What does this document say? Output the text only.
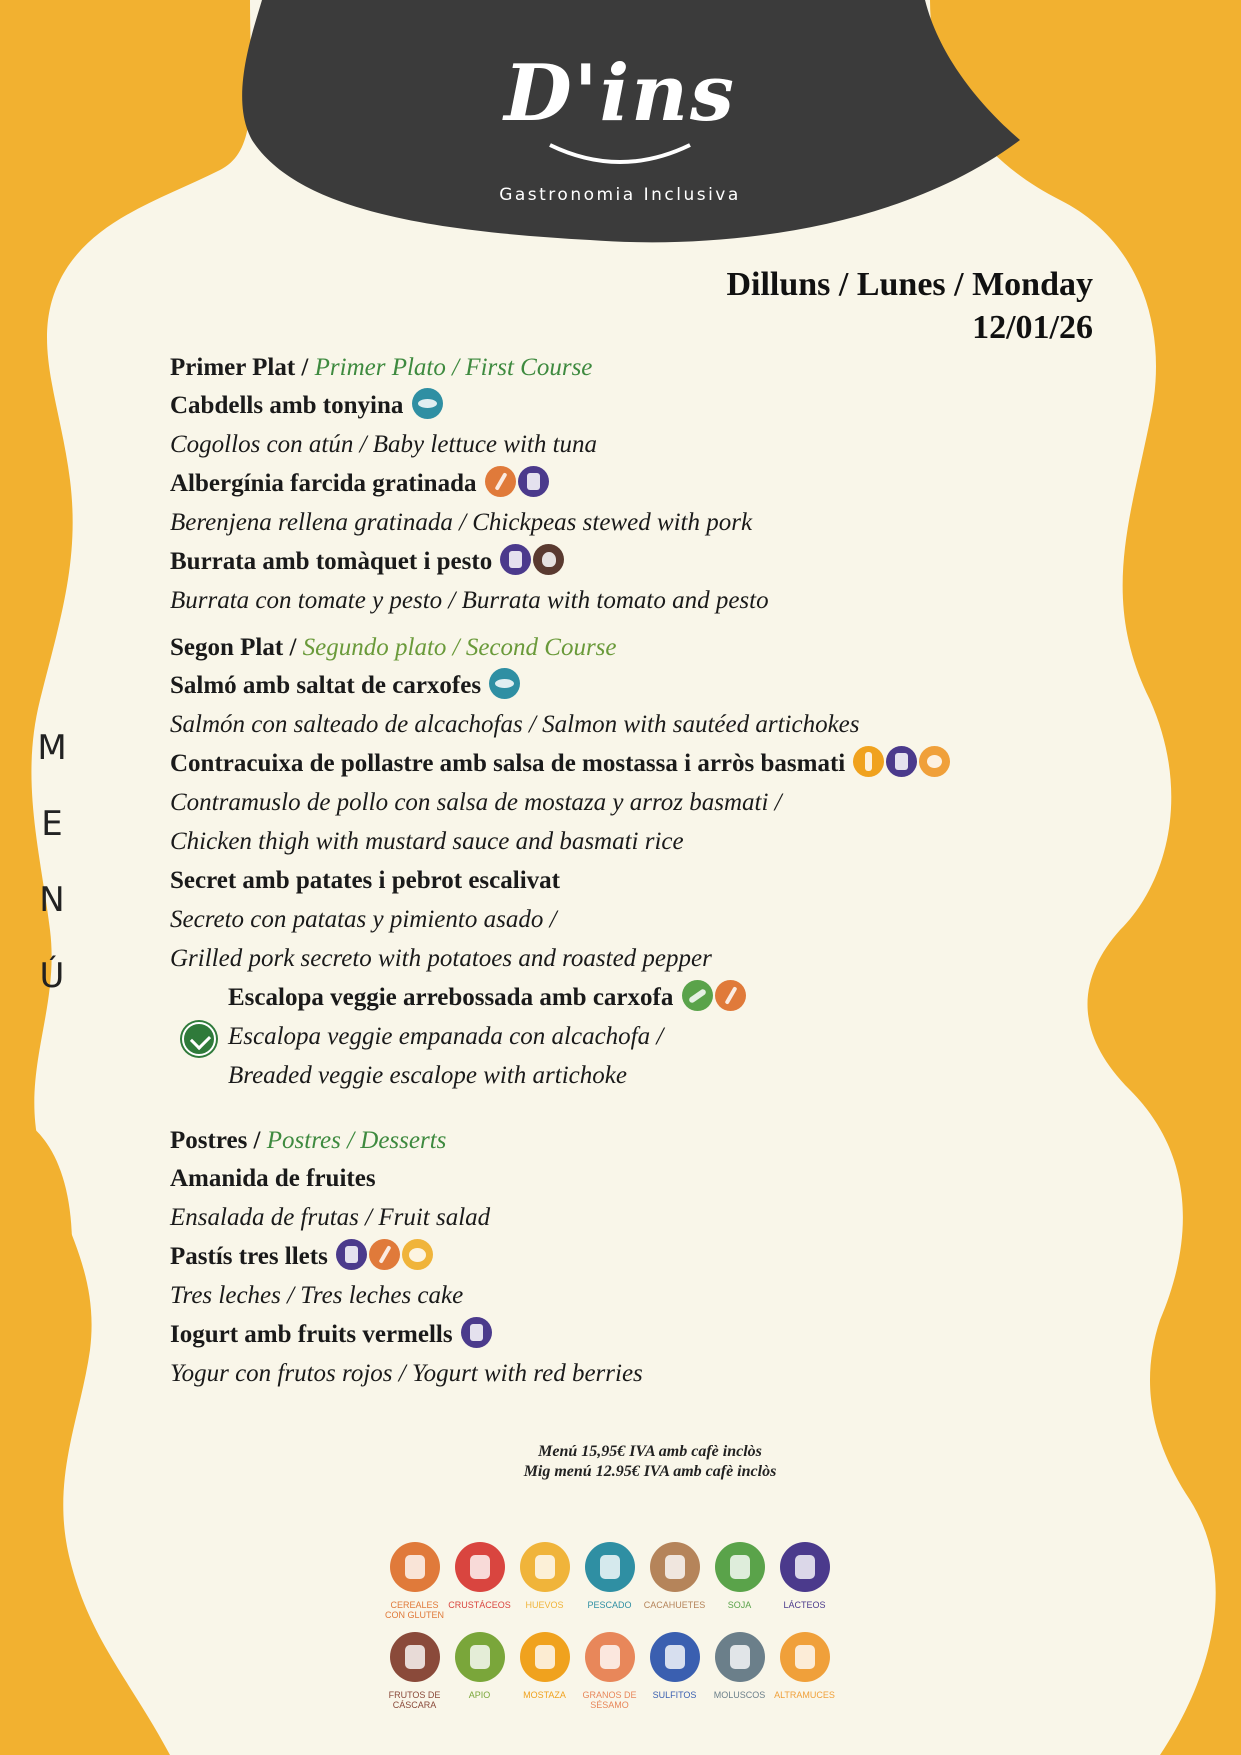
D'ins
Gastronomia Inclusiva
M
E
N
Ú
Dilluns / Lunes / Monday
12/01/26
Primer Plat / Primer Plato / First Course
Cabdells amb tonyina
Cogollos con atún / Baby lettuce with tuna
Albergínia farcida gratinada
Berenjena rellena gratinada / Chickpeas stewed with pork
Burrata amb tomàquet i pesto
Burrata con tomate y pesto / Burrata with tomato and pesto
Segon Plat / Segundo plato / Second Course
Salmó amb saltat de carxofes
Salmón con salteado de alcachofas / Salmon with sautéed artichokes
Contracuixa de pollastre amb salsa de mostassa i arròs basmati
Contramuslo de pollo con salsa de mostaza y arroz basmati /
Chicken thigh with mustard sauce and basmati rice
Secret amb patates i pebrot escalivat
Secreto con patatas y pimiento asado /
Grilled pork secreto with potatoes and roasted pepper
Escalopa veggie arrebossada amb carxofa
Escalopa veggie empanada con alcachofa /
Breaded veggie escalope with artichoke
Postres / Postres / Desserts
Amanida de fruites
Ensalada de frutas / Fruit salad
Pastís tres llets
Tres leches / Tres leches cake
Iogurt amb fruits vermells
Yogur con frutos rojos / Yogurt with red berries
Menú 15,95€ IVA amb cafè inclòs
Mig menú 12.95€ IVA amb cafè inclòs
CEREALES CON GLUTEN
CRUSTÁCEOS	HUEVOS	PESCADO	CACAHUETES	SOJA	LÁCTEOS
FRUTOS DE CÁSCARA
APIO	MOSTAZA	GRANOS DE SÉSAMO
SULFITOS	MOLUSCOS ALTRAMUCES
